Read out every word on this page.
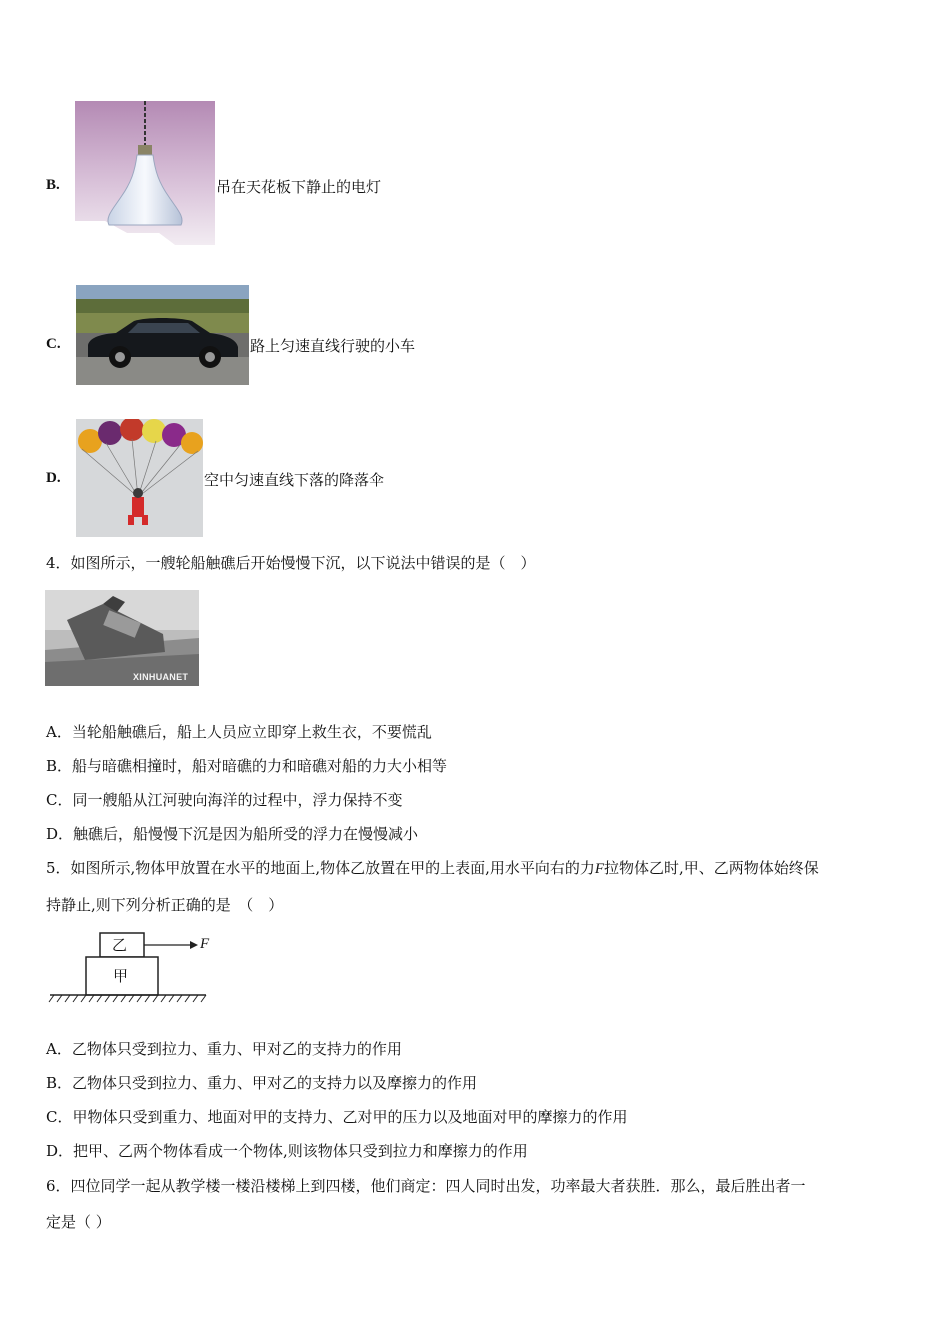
B.	吊在天花板下静止的电灯
C.	路上匀速直线行驶的小车
D.	空中匀速直线下落的降落伞
4．如图所示，一艘轮船触礁后开始慢慢下沉，以下说法中错误的是（　）
XINHUANET
A．当轮船触礁后，船上人员应立即穿上救生衣，不要慌乱
B．船与暗礁相撞时，船对暗礁的力和暗礁对船的力大小相等
C．同一艘船从江河驶向海洋的过程中，浮力保持不变
D．触礁后，船慢慢下沉是因为船所受的浮力在慢慢减小
5．如图所示,物体甲放置在水平的地面上,物体乙放置在甲的上表面,用水平向右的力F拉物体乙时,甲、乙两物体始终保
持静止,则下列分析正确的是　（　）
乙
甲
F
A．乙物体只受到拉力、重力、甲对乙的支持力的作用
B．乙物体只受到拉力、重力、甲对乙的支持力以及摩擦力的作用
C．甲物体只受到重力、地面对甲的支持力、乙对甲的压力以及地面对甲的摩擦力的作用
D．把甲、乙两个物体看成一个物体,则该物体只受到拉力和摩擦力的作用
6．四位同学一起从教学楼一楼沿楼梯上到四楼，他们商定：四人同时出发，功率最大者获胜．那么，最后胜出者一
定是（ ）
